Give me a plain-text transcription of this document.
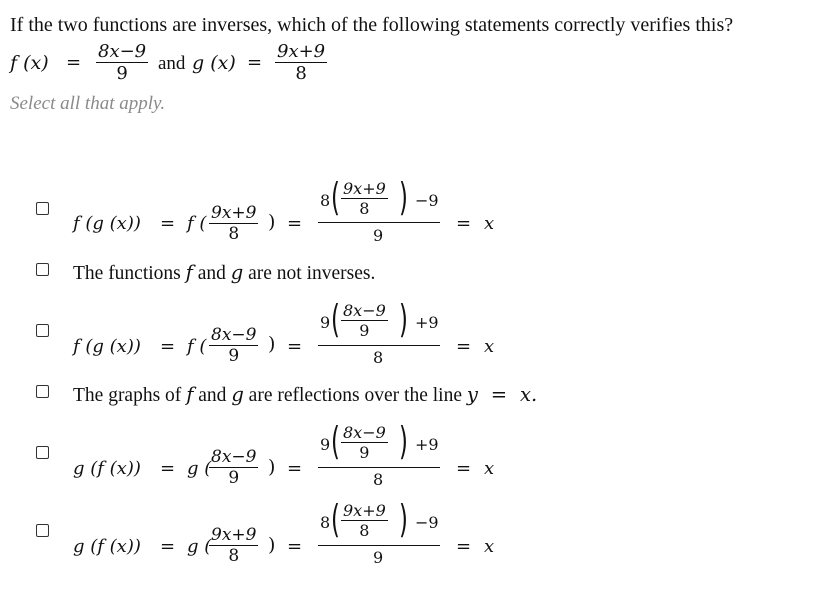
If the two functions are inverses, which of the following statements correctly verifies this?
f $(x) = \frac{8x-9}{9}$ and g $(x) = \frac{9x+9}{8}$
Select all that apply.
f (g (x)) = f ( $\frac{9x+9}{8}$ ) =
8 ( $\frac{9x+9}{8}$ ) −9
9
= x
The functions f and g are not inverses.
f (g (x)) = f ( $\frac{8x-9}{9}$ ) =
9 ( $\frac{8x-9}{9}$ ) +9
8
= x
The graphs of f and g are reflections over the line y = x.
g (f (x)) = g (
$\frac{8x-9}{9}$ ) =
9 ( $\frac{8x-9}{9}$ ) +9
8
= x
g (f (x)) = g (
$\frac{9x+9}{8}$ ) =
8 ( $\frac{9x+9}{8}$ ) −9
9
= x
